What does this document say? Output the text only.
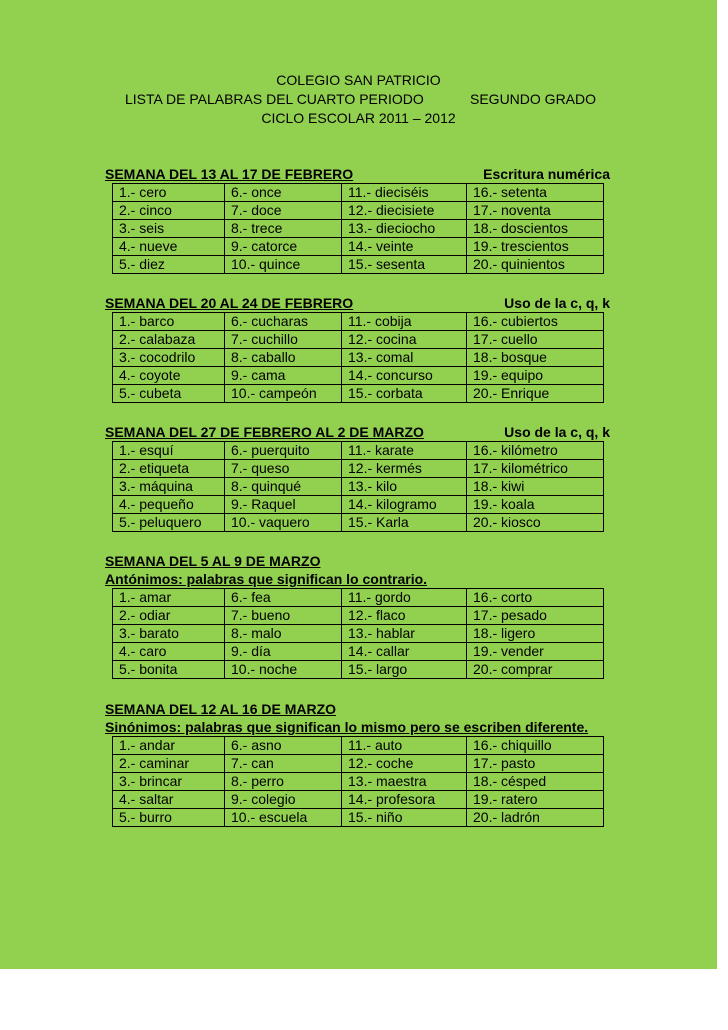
COLEGIO SAN PATRICIO
LISTA DE PALABRAS DEL CUARTO PERIODO	SEGUNDO GRADO
CICLO ESCOLAR 2011 – 2012
SEMANA DEL 13 AL 17 DE FEBRERO	Escritura numérica
1.- cero	6.- once	11.- dieciséis	16.- setenta
2.- cinco	7.- doce	12.- diecisiete	17.- noventa
3.- seis	8.- trece	13.- dieciocho	18.- doscientos
4.- nueve	9.- catorce	14.- veinte	19.- trescientos
5.- diez	10.- quince	15.- sesenta	20.- quinientos
SEMANA DEL 20 AL 24 DE FEBRERO	Uso de la c, q, k
1.- barco	6.- cucharas	11.- cobija	16.- cubiertos
2.- calabaza	7.- cuchillo	12.- cocina	17.- cuello
3.- cocodrilo	8.- caballo	13.- comal	18.- bosque
4.- coyote	9.- cama	14.- concurso	19.- equipo
5.- cubeta	10.- campeón	15.- corbata	20.- Enrique
SEMANA DEL 27 DE FEBRERO AL 2 DE MARZO	Uso de la c, q, k
1.- esquí	6.- puerquito	11.- karate	16.- kilómetro
2.- etiqueta	7.- queso	12.- kermés	17.- kilométrico
3.- máquina	8.- quinqué	13.- kilo	18.- kiwi
4.- pequeño	9.- Raquel	14.- kilogramo	19.- koala
5.- peluquero	10.- vaquero	15.- Karla	20.- kiosco
SEMANA DEL 5 AL 9 DE MARZO
Antónimos: palabras que significan lo contrario.
1.- amar	6.- fea	11.- gordo	16.- corto
2.- odiar	7.- bueno	12.- flaco	17.- pesado
3.- barato	8.- malo	13.- hablar	18.- ligero
4.- caro	9.- día	14.- callar	19.- vender
5.- bonita	10.- noche	15.- largo	20.- comprar
SEMANA DEL 12 AL 16 DE MARZO
Sinónimos: palabras que significan lo mismo pero se escriben diferente.
1.- andar	6.- asno	11.- auto	16.- chiquillo
2.- caminar	7.- can	12.- coche	17.- pasto
3.- brincar	8.- perro	13.- maestra	18.- césped
4.- saltar	9.- colegio	14.- profesora	19.- ratero
5.- burro	10.- escuela	15.- niño	20.- ladrón
